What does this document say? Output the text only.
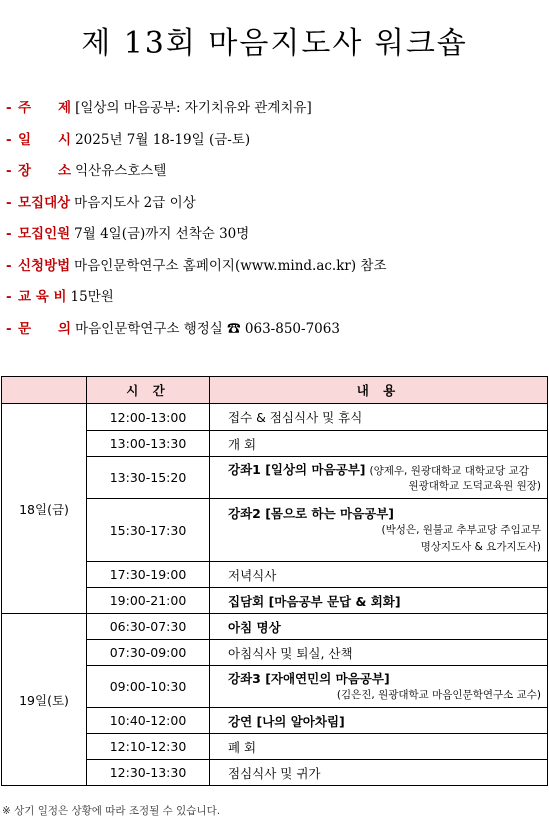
제 13회 마음지도사 워크숍
- 주　　제 [일상의 마음공부: 자기치유와 관계치유]
- 일　　시 2025년 7월 18-19일 (금-토)
- 장　　소 익산유스호스텔
- 모집대상 마음지도사 2급 이상
- 모집인원 7월 4일(금)까지 선착순 30명
- 신청방법 마음인문학연구소 홈페이지(www.mind.ac.kr) 참조
- 교 육 비 15만원
- 문　　의 마음인문학연구소 행정실 ☎ 063-850-7063
	시 간	내 용
18일(금)	12:00-13:00	접수 & 점심식사 및 휴식
	13:00-13:30	개 회
	13:30-15:20	강좌1 [일상의 마음공부] (양제우, 원광대학교 대학교당 교감
원광대학교 도덕교육원 원장)

	15:30-17:30	강좌2 [몸으로 하는 마음공부]
(박성은, 원불교 추부교당 주임교무
명상지도사 & 요가지도사)

	17:30-19:00	저녁식사
	19:00-21:00	집담회 [마음공부 문답 & 회화]
19일(토)	06:30-07:30	아침 명상
	07:30-09:00	아침식사 및 퇴실, 산책
	09:00-10:30	강좌3 [자애연민의 마음공부]
(김은진, 원광대학교 마음인문학연구소 교수)

	10:40-12:00	강연 [나의 알아차림]
	12:10-12:30	폐 회
	12:30-13:30	점심식사 및 귀가
※ 상기 일정은 상황에 따라 조정될 수 있습니다.
